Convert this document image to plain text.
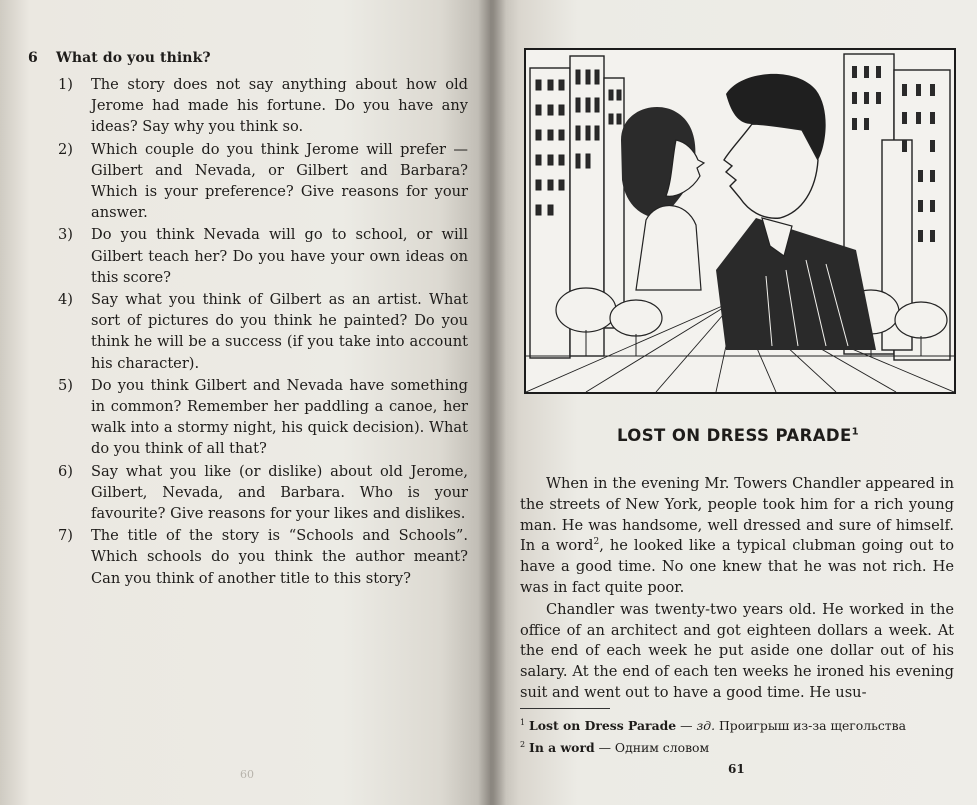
6 What do you think?
1) The story does not say anything about how old Jerome had made his fortune. Do you have any ideas? Say why you think so.
2) Which couple do you think Jerome will prefer — Gilbert and Nevada, or Gilbert and Barbara? Which is your preference? Give reasons for your answer.
3) Do you think Nevada will go to school, or will Gilbert teach her? Do you have your own ideas on this score?
4) Say what you think of Gilbert as an artist. What sort of pictures do you think he painted? Do you think he will be a success (if you take into account his character).
5) Do you think Gilbert and Nevada have something in common? Remember her paddling a canoe, her walk into a stormy night, his quick decision). What do you think of all that?
6) Say what you like (or dislike) about old Jerome, Gilbert, Nevada, and Barbara. Who is your favourite? Give reasons for your likes and dislikes.
7) The title of the story is “Schools and Schools”. Which schools do you think the author meant? Can you think of another title to this story?
60
LOST ON DRESS PARADE$^1$

When in the evening Mr. Towers Chandler appeared in the streets of New York, people took him for a rich young man. He was handsome, well dressed and sure of himself. In a word$^2$, he looked like a typical clubman going out to have a good time. No one knew that he was not rich. He was in fact quite poor.

Chandler was twenty-two years old. He worked in the office of an architect and got eighteen dollars a week. At the end of each week he put aside one dollar out of his salary. At the end of each ten weeks he ironed his evening suit and went out to have a good time. He usu-

$^1$ Lost on Dress Parade — зд. Проигрыш из-за щегольства
$^2$ In a word — Одним словом
61
